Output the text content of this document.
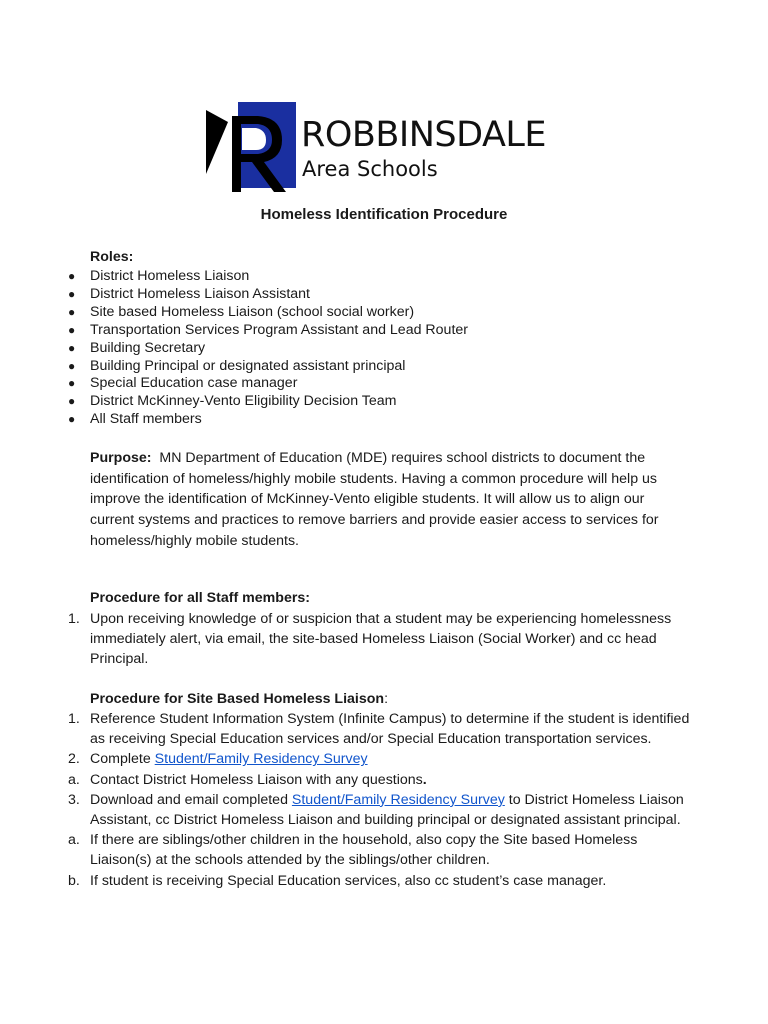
ROBBINSDALE
Area Schools
Homeless Identification Procedure
Roles:
● District Homeless Liaison
● District Homeless Liaison Assistant
● Site based Homeless Liaison (school social worker)
● Transportation Services Program Assistant and Lead Router
● Building Secretary
● Building Principal or designated assistant principal
● Special Education case manager
● District McKinney-Vento Eligibility Decision Team
● All Staff members
Purpose: MN Department of Education (MDE) requires school districts to document the identification of homeless/highly mobile students. Having a common procedure will help us improve the identification of McKinney-Vento eligible students. It will allow us to align our current systems and practices to remove barriers and provide easier access to services for homeless/highly mobile students.
Procedure for all Staff members:
1. Upon receiving knowledge of or suspicion that a student may be experiencing homelessness immediately alert, via email, the site-based Homeless Liaison (Social Worker) and cc head Principal.
Procedure for Site Based Homeless Liaison:
1. Reference Student Information System (Infinite Campus) to determine if the student is identified as receiving Special Education services and/or Special Education transportation services.
2. Complete Student/Family Residency Survey
a. Contact District Homeless Liaison with any questions.
3. Download and email completed Student/Family Residency Survey to District Homeless Liaison Assistant, cc District Homeless Liaison and building principal or designated assistant principal.
a. If there are siblings/other children in the household, also copy the Site based Homeless Liaison(s) at the schools attended by the siblings/other children.
b. If student is receiving Special Education services, also cc student’s case manager.
